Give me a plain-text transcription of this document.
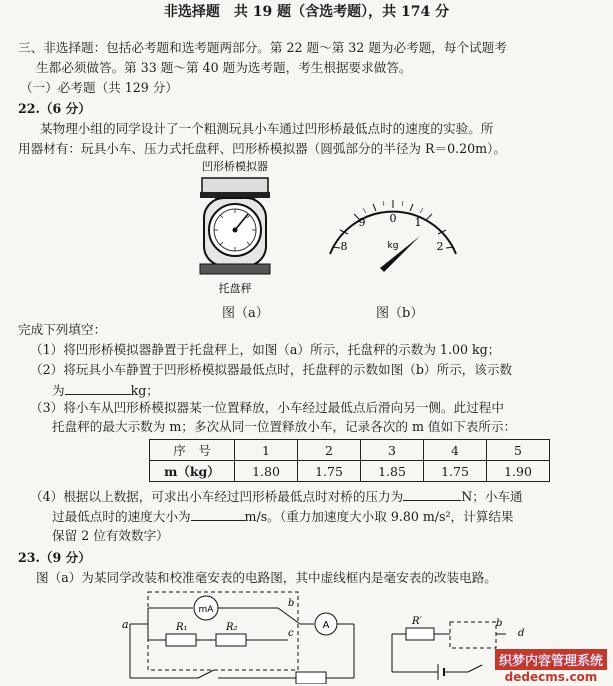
非选择题　共 19 题（含选考题），共 174 分
三、非选择题：包括必考题和选考题两部分。第 22 题～第 32 题为必考题，每个试题考
生都必须做答。第 33 题～第 40 题为选考题，考生根据要求做答。
（一）必考题（共 129 分）
22.（6 分）
某物理小组的同学设计了一个粗测玩具小车通过凹形桥最低点时的速度的实验。所
用器材有：玩具小车、压力式托盘秤、凹形桥模拟器（圆弧部分的半径为 R＝0.20m）。
凹形桥模拟器
托盘秤
0 1
2
9
8	kg
图（a）	图（b）
完成下列填空：
（1）将凹形桥模拟器静置于托盘秤上，如图（a）所示，托盘秤的示数为 1.00 kg；
（2）将玩具小车静置于凹形桥模拟器最低点时，托盘秤的示数如图（b）所示，该示数
为	kg；
（3）将小车从凹形桥模拟器某一位置释放，小车经过最低点后滑向另一侧。此过程中
托盘秤的最大示数为 m；多次从同一位置释放小车，记录各次的 m 值如下表所示：
序　号	1	2	3	4	5
m（kg）	1.80	1.75	1.85	1.75	1.90
（4）根据以上数据，可求出小车经过凹形桥最低点时对桥的压力为	N；小车通
过最低点时的速度大小为	m/s。（重力加速度大小取 9.80 m/s²，计算结果
保留 2 位有效数字）
23.（9 分）
图（a）为某同学改装和校准毫安表的电路图，其中虚线框内是毫安表的改装电路。
a
mA
R₁	R₂
b
c
A	R′	b
d
织梦内容管理系统
dedecms.com
